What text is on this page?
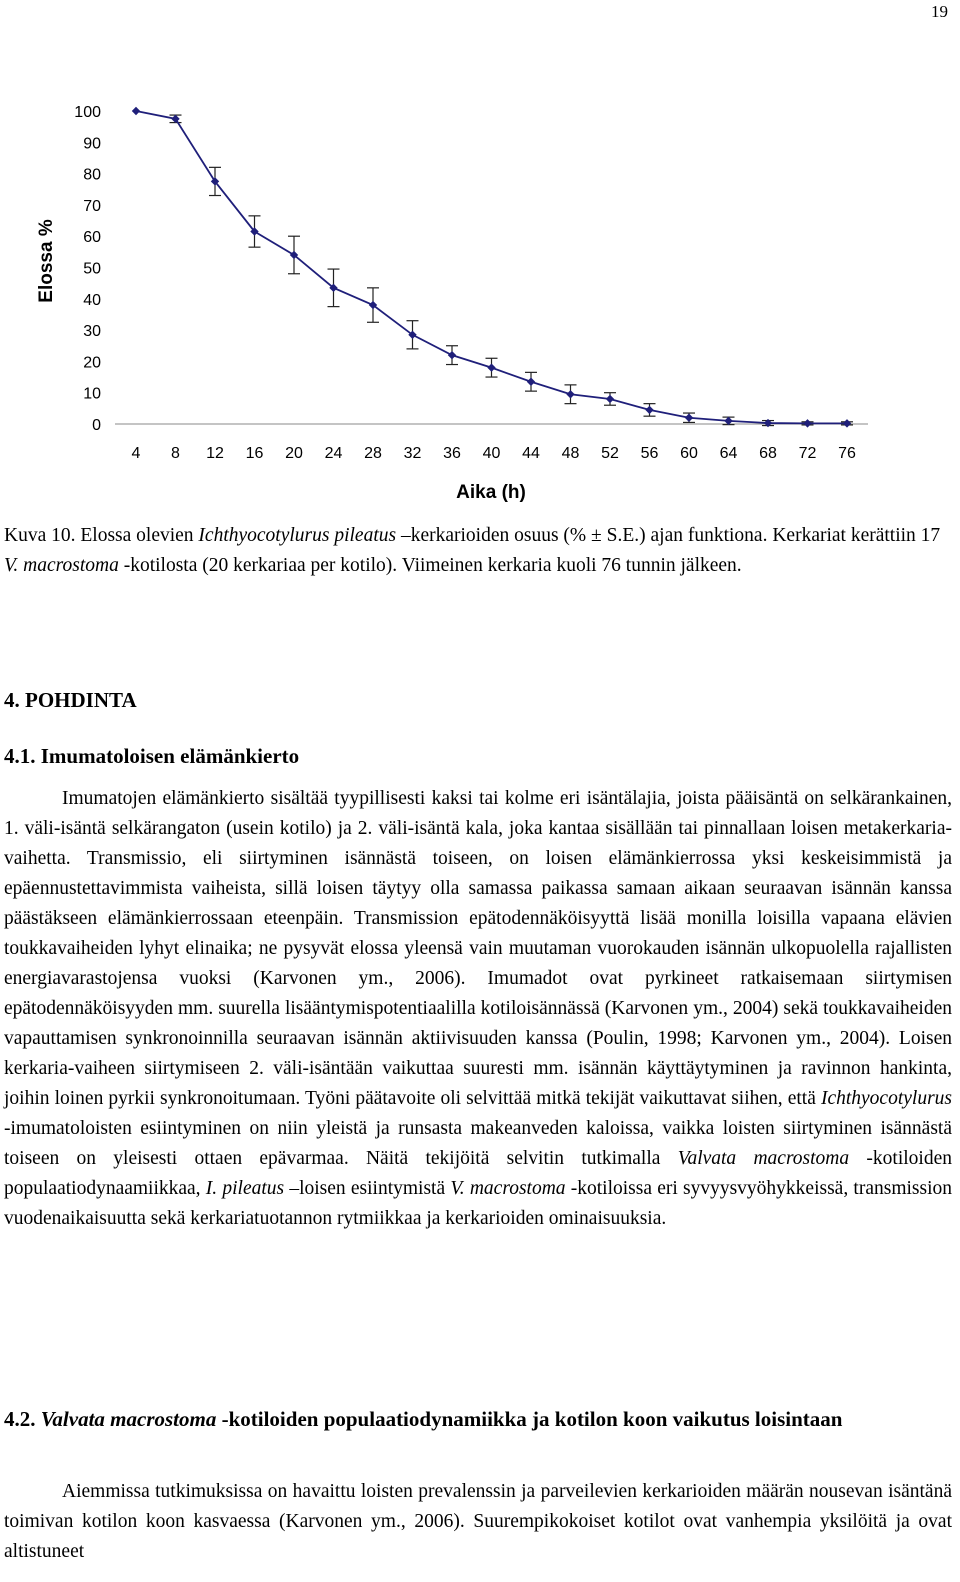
19
0
10
20
30
40
50
60
70
80
90
100
4 8 12 16 20 24 28 32 36 40 44 48 52 56 60 64 68 72 76
Elossa %
Aika (h)
Kuva 10. Elossa olevien Ichthyocotylurus pileatus –kerkarioiden osuus (% ± S.E.) ajan funktiona. Kerkariat kerättiin 17 V. macrostoma -kotilosta (20 kerkariaa per kotilo). Viimeinen kerkaria kuoli 76 tunnin jälkeen.
4. POHDINTA
4.1. Imumatoloisen elämänkierto
Imumatojen elämänkierto sisältää tyypillisesti kaksi tai kolme eri isäntälajia, joista pääisäntä on selkärankainen, 1. väli-isäntä selkärangaton (usein kotilo) ja 2. väli-isäntä kala, joka kantaa sisällään tai pinnallaan loisen metakerkaria-vaihetta. Transmissio, eli siirtyminen isännästä toiseen, on loisen elämänkierrossa yksi keskeisimmistä ja epäennustettavimmista vaiheista, sillä loisen täytyy olla samassa paikassa samaan aikaan seuraavan isännän kanssa päästäkseen elämänkierrossaan eteenpäin. Transmission epätodennäköisyyttä lisää monilla loisilla vapaana elävien toukkavaiheiden lyhyt elinaika; ne pysyvät elossa yleensä vain muutaman vuorokauden isännän ulkopuolella rajallisten energiavarastojensa vuoksi (Karvonen ym., 2006). Imumadot ovat pyrkineet ratkaisemaan siirtymisen epätodennäköisyyden mm. suurella lisääntymispotentiaalilla kotiloisännässä (Karvonen ym., 2004) sekä toukkavaiheiden vapauttamisen synkronoinnilla seuraavan isännän aktiivisuuden kanssa (Poulin, 1998; Karvonen ym., 2004). Loisen kerkaria-vaiheen siirtymiseen 2. väli-isäntään vaikuttaa suuresti mm. isännän käyttäytyminen ja ravinnon hankinta, joihin loinen pyrkii synkronoitumaan. Työni päätavoite oli selvittää mitkä tekijät vaikuttavat siihen, että Ichthyocotylurus -imumatoloisten esiintyminen on niin yleistä ja runsasta makeanveden kaloissa, vaikka loisten siirtyminen isännästä toiseen on yleisesti ottaen epävarmaa. Näitä tekijöitä selvitin tutkimalla Valvata macrostoma -kotiloiden populaatiodynaamiikkaa, I. pileatus –loisen esiintymistä V. macrostoma -kotiloissa eri syvyysvyöhykkeissä, transmission vuodenaikaisuutta sekä kerkariatuotannon rytmiikkaa ja kerkarioiden ominaisuuksia.
4.2. Valvata macrostoma -kotiloiden populaatiodynamiikka ja kotilon koon vaikutus loisintaan
Aiemmissa tutkimuksissa on havaittu loisten prevalenssin ja parveilevien kerkarioiden määrän nousevan isäntänä toimivan kotilon koon kasvaessa (Karvonen ym., 2006). Suurempikokoiset kotilot ovat vanhempia yksilöitä ja ovat altistuneet
